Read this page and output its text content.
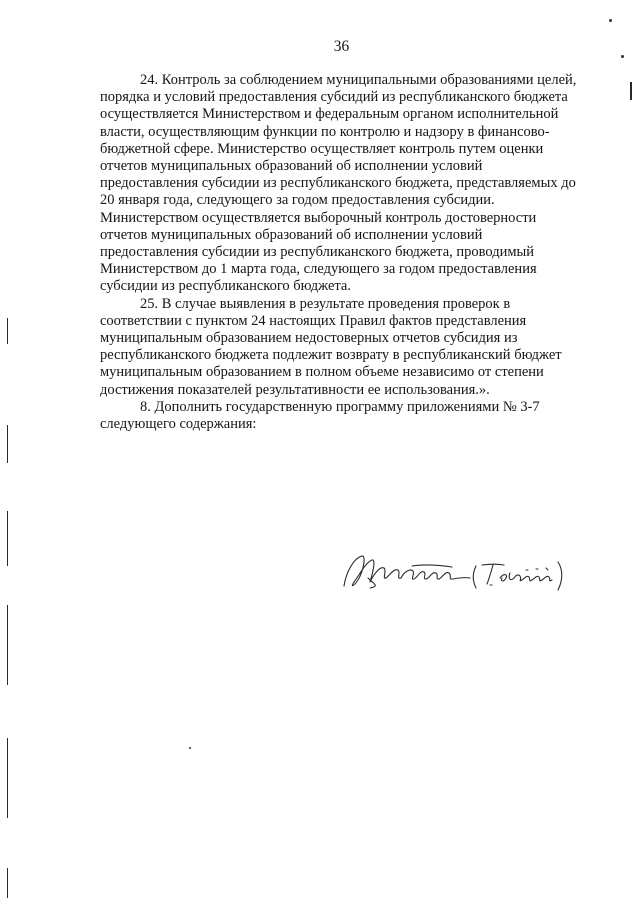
36
24. Контроль за соблюдением муниципальными образованиями целей,
порядка и условий предоставления субсидий из республиканского бюджета
осуществляется Министерством и федеральным органом исполнительной
власти, осуществляющим функции по контролю и надзору в финансово-
бюджетной сфере. Министерство осуществляет контроль путем оценки
отчетов муниципальных образований об исполнении условий
предоставления субсидии из республиканского бюджета, представляемых до
20 января года, следующего за годом предоставления субсидии.
Министерством осуществляется выборочный контроль достоверности
отчетов муниципальных образований об исполнении условий
предоставления субсидии из республиканского бюджета, проводимый
Министерством до 1 марта года, следующего за годом предоставления
субсидии из республиканского бюджета.
25. В случае выявления в результате проведения проверок в
соответствии с пунктом 24 настоящих Правил фактов представления
муниципальным образованием недостоверных отчетов субсидия из
республиканского бюджета подлежит возврату в республиканский бюджет
муниципальным образованием в полном объеме независимо от степени
достижения показателей результативности ее использования.».
8. Дополнить государственную программу приложениями № 3-7
следующего содержания:
